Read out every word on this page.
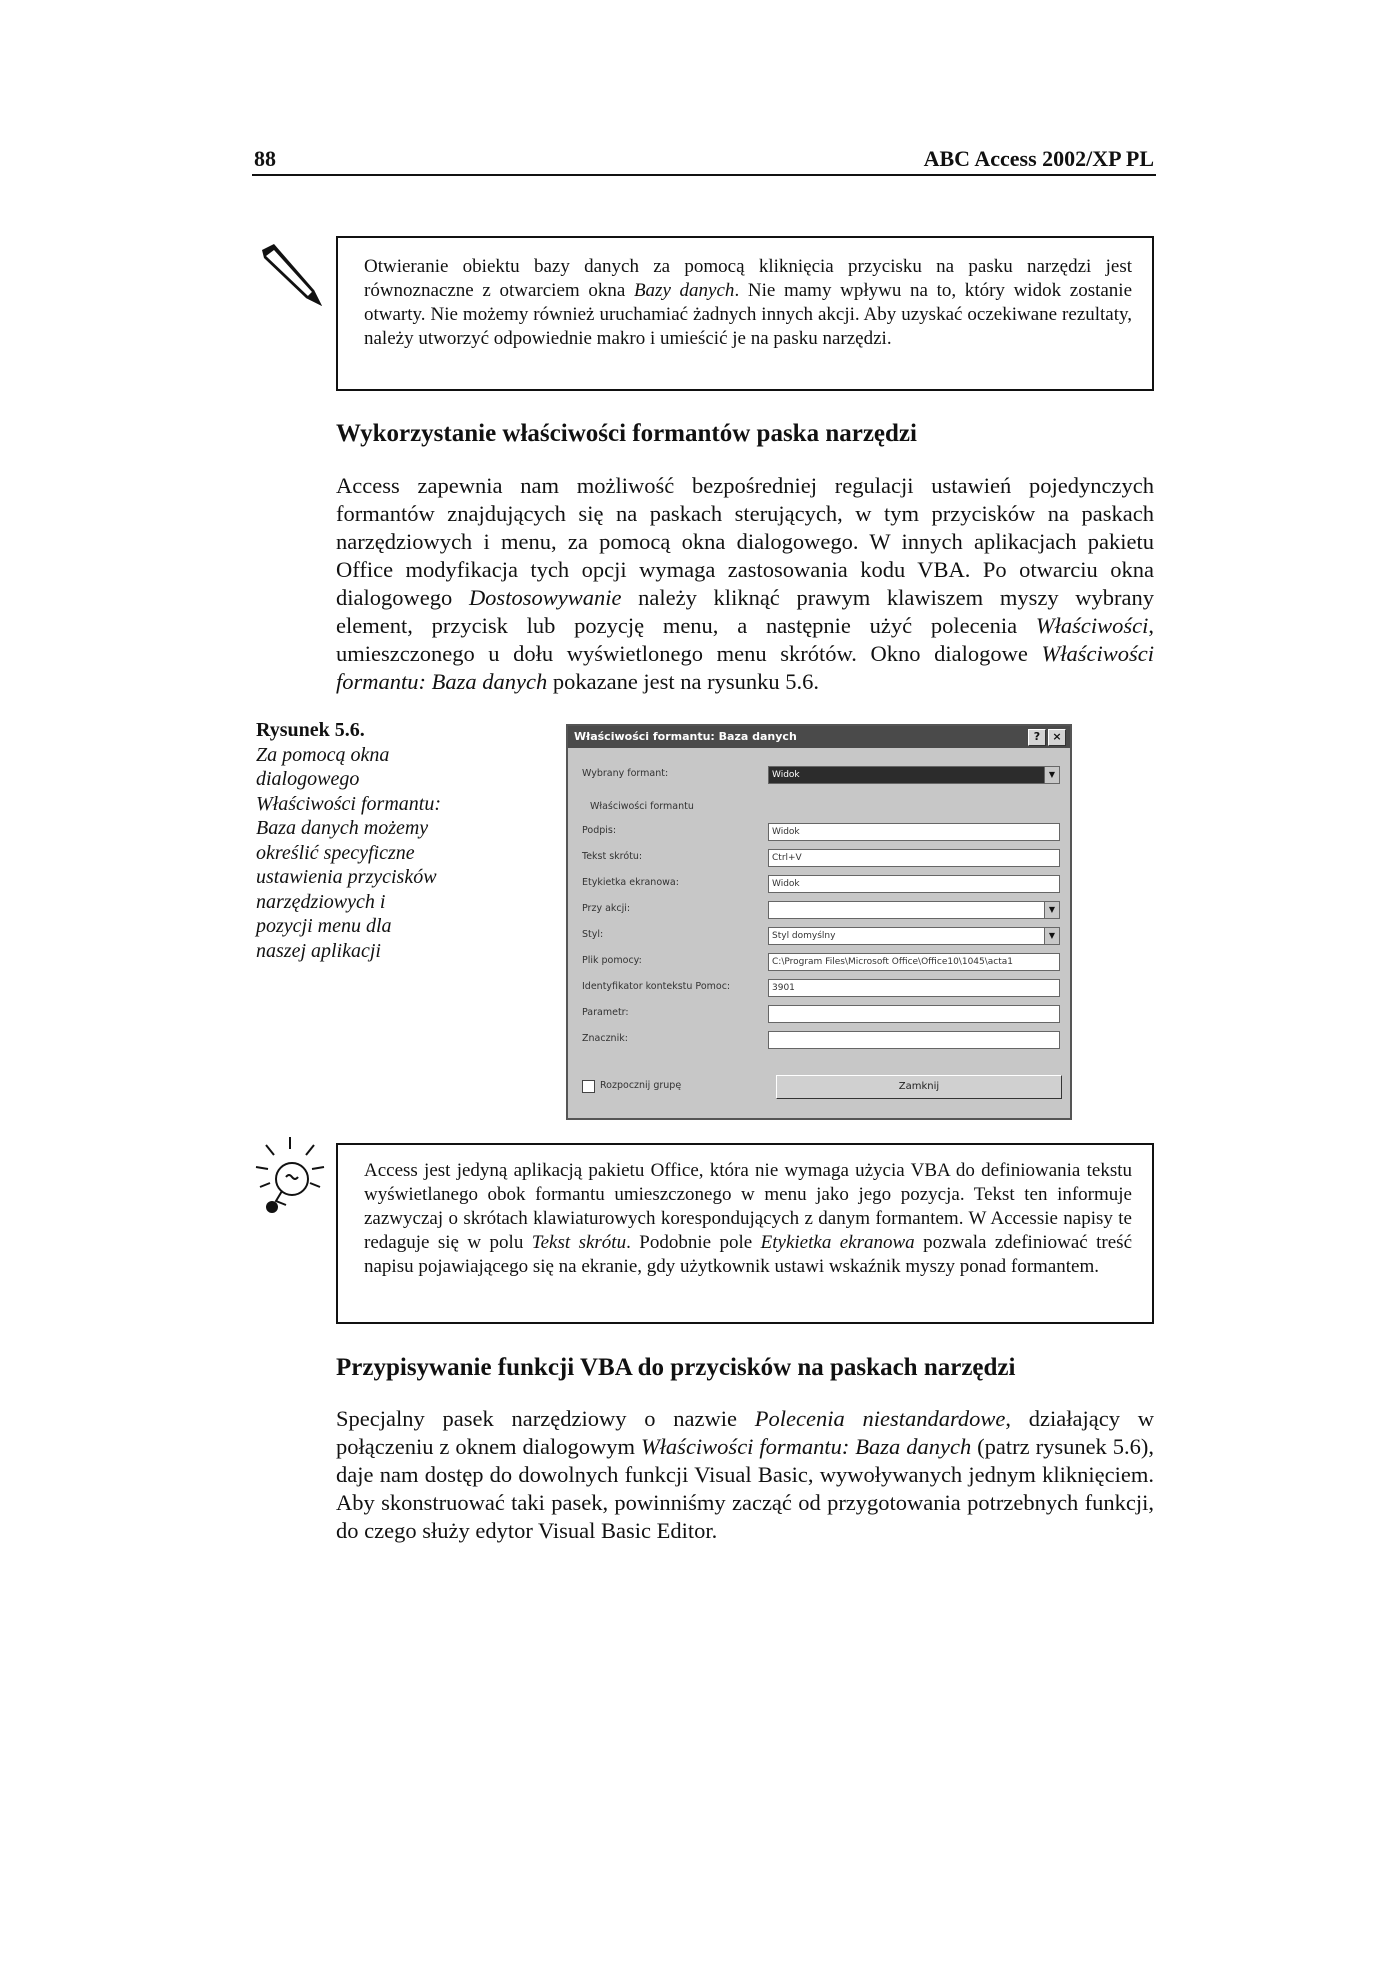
88	ABC Access 2002/XP PL

Otwieranie obiektu bazy danych za pomocą kliknięcia przycisku na pasku narzędzi jest równoznaczne z otwarciem okna Bazy danych. Nie mamy wpływu na to, który widok zostanie otwarty. Nie możemy również uruchamiać żadnych innych akcji. Aby uzyskać oczekiwane rezultaty, należy utworzyć odpowiednie makro i umieścić je na pasku narzędzi.

Wykorzystanie właściwości formantów paska narzędzi

Access zapewnia nam możliwość bezpośredniej regulacji ustawień pojedynczych formantów znajdujących się na paskach sterujących, w tym przycisków na paskach narzędziowych i menu, za pomocą okna dialogowego. W innych aplikacjach pakietu Office modyfikacja tych opcji wymaga zastosowania kodu VBA. Po otwarciu okna dialogowego Dostosowywanie należy kliknąć prawym klawiszem myszy wybrany element, przycisk lub pozycję menu, a następnie użyć polecenia Właściwości, umieszczonego u dołu wyświetlonego menu skrótów. Okno dialogowe Właściwości formantu: Baza danych pokazane jest na rysunku 5.6.

Rysunek 5.6.
Za pomocą okna dialogowego Właściwości formantu: Baza danych możemy określić specyficzne ustawienia przycisków narzędziowych i pozycji menu dla naszej aplikacji
Właściwości formantu: Baza danych	?	×
Wybrany formant:	Widok	▼
Właściwości formantu
Podpis:	Widok
Tekst skrótu:	Ctrl+V
Etykietka ekranowa:	Widok
Przy akcji:	▼
Styl:	Styl domyślny	▼
Plik pomocy:	C:\Program Files\Microsoft Office\Office10\1045\acta1
Identyfikator kontekstu Pomoc:	3901
Parametr:
Znacznik:
Rozpocznij grupę	Zamknij

Access jest jedyną aplikacją pakietu Office, która nie wymaga użycia VBA do definiowania tekstu wyświetlanego obok formantu umieszczonego w menu jako jego pozycja. Tekst ten informuje zazwyczaj o skrótach klawiaturowych korespondujących z danym formantem. W Accessie napisy te redaguje się w polu Tekst skrótu. Podobnie pole Etykietka ekranowa pozwala zdefiniować treść napisu pojawiającego się na ekranie, gdy użytkownik ustawi wskaźnik myszy ponad formantem.

Przypisywanie funkcji VBA do przycisków na paskach narzędzi

Specjalny pasek narzędziowy o nazwie Polecenia niestandardowe, działający w połączeniu z oknem dialogowym Właściwości formantu: Baza danych (patrz rysunek 5.6), daje nam dostęp do dowolnych funkcji Visual Basic, wywoływanych jednym kliknięciem. Aby skonstruować taki pasek, powinniśmy zacząć od przygotowania potrzebnych funkcji, do czego służy edytor Visual Basic Editor.
